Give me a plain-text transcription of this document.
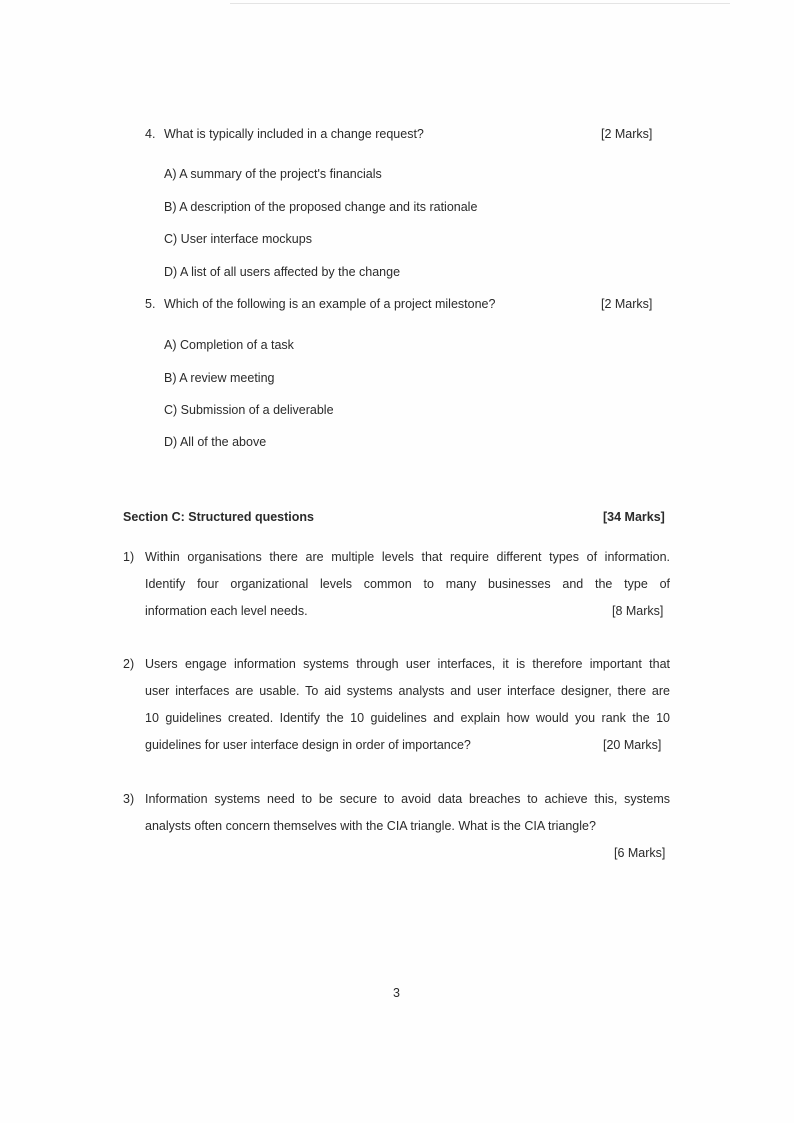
4. What is typically included in a change request?	[2 Marks]
A) A summary of the project's financials
B) A description of the proposed change and its rationale
C) User interface mockups
D) A list of all users affected by the change
5. Which of the following is an example of a project milestone?	[2 Marks]
A) Completion of a task
B) A review meeting
C) Submission of a deliverable
D) All of the above
Section C: Structured questions	[34 Marks]
1) Within organisations there are multiple levels that require different types of information.
Identify four organizational levels common to many businesses and the type of
information each level needs.	[8 Marks]
2) Users engage information systems through user interfaces, it is therefore important that
user interfaces are usable. To aid systems analysts and user interface designer, there are
10 guidelines created. Identify the 10 guidelines and explain how would you rank the 10
guidelines for user interface design in order of importance?	[20 Marks]
3) Information systems need to be secure to avoid data breaches to achieve this, systems
analysts often concern themselves with the CIA triangle. What is the CIA triangle?
[6 Marks]
3
